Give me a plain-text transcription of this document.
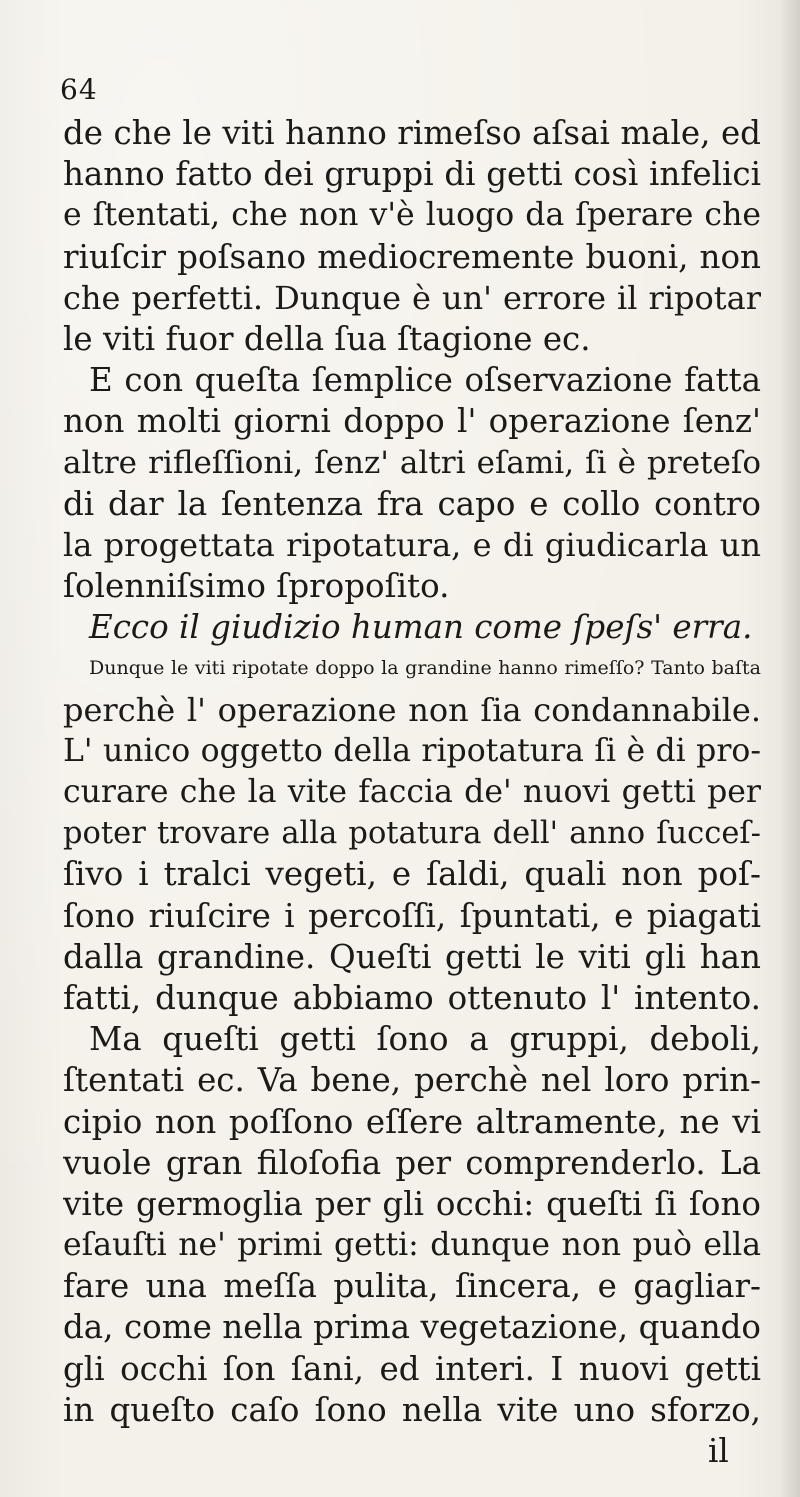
64
de che le viti hanno rimeſso aſsai male, ed
hanno fatto dei gruppi di getti così infelici
e ſtentati, che non v'è luogo da ſperare che
riuſcir poſsano mediocremente buoni, non
che perfetti. Dunque è un' errore il ripotar
le viti fuor della ſua ſtagione ec.
E con queſta ſemplice oſservazione fatta
non molti giorni doppo l' operazione ſenz'
altre rifleſſioni, ſenz' altri eſami, ſi è preteſo
di dar la ſentenza fra capo e collo contro
la progettata ripotatura, e di giudicarla un
ſolenniſsimo ſpropoſito.
Ecco il giudizio human come ſpeſs' erra.
Dunque le viti ripotate doppo la grandine hanno rimeſſo? Tanto baſta
perchè l' operazione non ſia condannabile.
L' unico oggetto della ripotatura ſi è di pro-
curare che la vite faccia de' nuovi getti per
poter trovare alla potatura dell' anno ſucceſ-
ſivo i tralci vegeti, e ſaldi, quali non poſ-
ſono riuſcire i percoſſi, ſpuntati, e piagati
dalla grandine. Queſti getti le viti gli han
fatti, dunque abbiamo ottenuto l' intento.
Ma queſti getti ſono a gruppi, deboli,
ſtentati ec. Va bene, perchè nel loro prin-
cipio non poſſono eſſere altramente, ne vi
vuole gran filoſofia per comprenderlo. La
vite germoglia per gli occhi: queſti ſi ſono
eſauſti ne' primi getti: dunque non può ella
fare una meſſa pulita, ſincera, e gagliar-
da, come nella prima vegetazione, quando
gli occhi ſon ſani, ed interi. I nuovi getti
in queſto caſo ſono nella vite uno sforzo,
il
